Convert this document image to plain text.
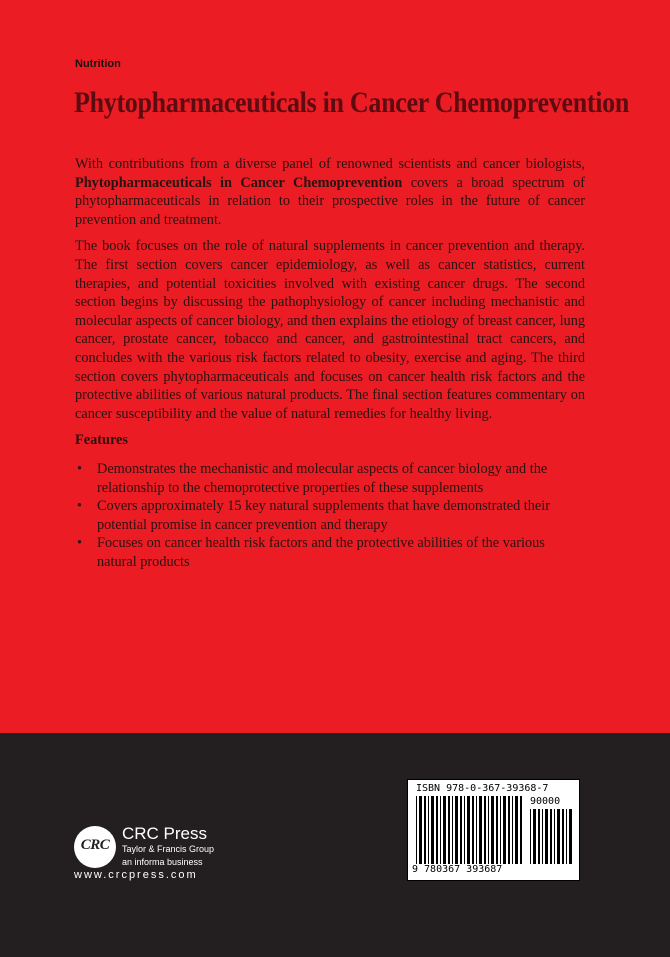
Nutrition
Phytopharmaceuticals in Cancer Chemoprevention

With contributions from a diverse panel of renowned scientists and cancer biologists, Phytopharmaceuticals in Cancer Chemoprevention covers a broad spectrum of phytopharmaceuticals in relation to their prospective roles in the future of cancer prevention and treatment.

The book focuses on the role of natural supplements in cancer prevention and therapy. The first section covers cancer epidemiology, as well as cancer statistics, current therapies, and potential toxicities involved with existing cancer drugs. The second section begins by discussing the pathophysiology of cancer including mechanistic and molecular aspects of cancer biology, and then explains the etiology of breast cancer, lung cancer, prostate cancer, tobacco and cancer, and gastrointestinal tract cancers, and concludes with the various risk factors related to obesity, exercise and aging. The third section covers phytopharmaceuticals and focuses on cancer health risk factors and the protective abilities of various natural products. The final section features commentary on cancer susceptibility and the value of natural remedies for healthy living.

Features
• Demonstrates the mechanistic and molecular aspects of cancer biology and the relationship to the chemoprotective properties of these supplements
• Covers approximately 15 key natural supplements that have demonstrated their potential promise in cancer prevention and therapy
• Focuses on cancer health risk factors and the protective abilities of the various natural products
CRC
CRC Press
Taylor & Francis Group
an informa business
www.crcpress.com
ISBN 978-0-367-39368-7
90000
9 780367 393687
